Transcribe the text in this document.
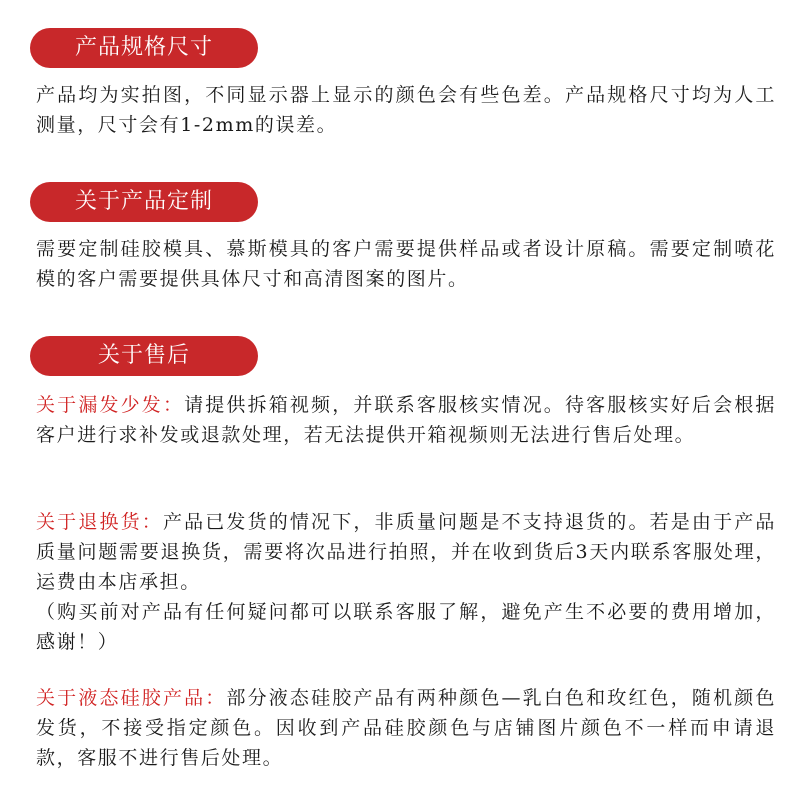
产品规格尺寸
产品均为实拍图，不同显示器上显示的颜色会有些色差。产品规格尺寸均为人工测量，尺寸会有1-2mm的误差。
关于产品定制
需要定制硅胶模具、慕斯模具的客户需要提供样品或者设计原稿。需要定制喷花模的客户需要提供具体尺寸和高清图案的图片。
关于售后
关于漏发少发：请提供拆箱视频，并联系客服核实情况。待客服核实好后会根据客户进行求补发或退款处理，若无法提供开箱视频则无法进行售后处理。
关于退换货：产品已发货的情况下，非质量问题是不支持退货的。若是由于产品质量问题需要退换货，需要将次品进行拍照，并在收到货后3天内联系客服处理，运费由本店承担。
（购买前对产品有任何疑问都可以联系客服了解，避免产生不必要的费用增加，感谢！）
关于液态硅胶产品：部分液态硅胶产品有两种颜色—乳白色和玫红色，随机颜色发货，不接受指定颜色。因收到产品硅胶颜色与店铺图片颜色不一样而申请退款，客服不进行售后处理。
